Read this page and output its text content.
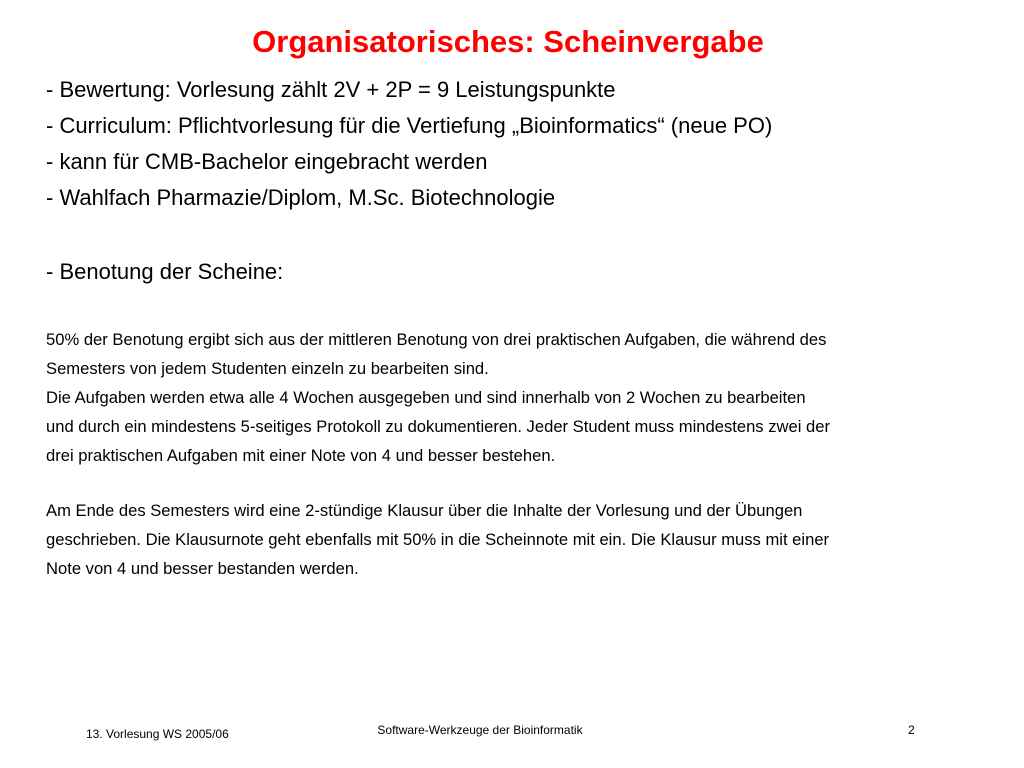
Organisatorisches: Scheinvergabe
- Bewertung: Vorlesung zählt 2V + 2P = 9 Leistungspunkte
- Curriculum: Pflichtvorlesung für die Vertiefung „Bioinformatics“ (neue PO)
- kann für CMB-Bachelor eingebracht werden
- Wahlfach Pharmazie/Diplom, M.Sc. Biotechnologie
- Benotung der Scheine:

50% der Benotung ergibt sich aus der mittleren Benotung von drei praktischen Aufgaben, die während des
Semesters von jedem Studenten einzeln zu bearbeiten sind.
Die Aufgaben werden etwa alle 4 Wochen ausgegeben und sind innerhalb von 2 Wochen zu bearbeiten
und durch ein mindestens 5-seitiges Protokoll zu dokumentieren. Jeder Student muss mindestens zwei der
drei praktischen Aufgaben mit einer Note von 4 und besser bestehen.

Am Ende des Semesters wird eine 2-stündige Klausur über die Inhalte der Vorlesung und der Übungen
geschrieben. Die Klausurnote geht ebenfalls mit 50% in die Scheinnote mit ein. Die Klausur muss mit einer
Note von 4 und besser bestanden werden.

13. Vorlesung WS 2005/06	Software-Werkzeuge der Bioinformatik	2
